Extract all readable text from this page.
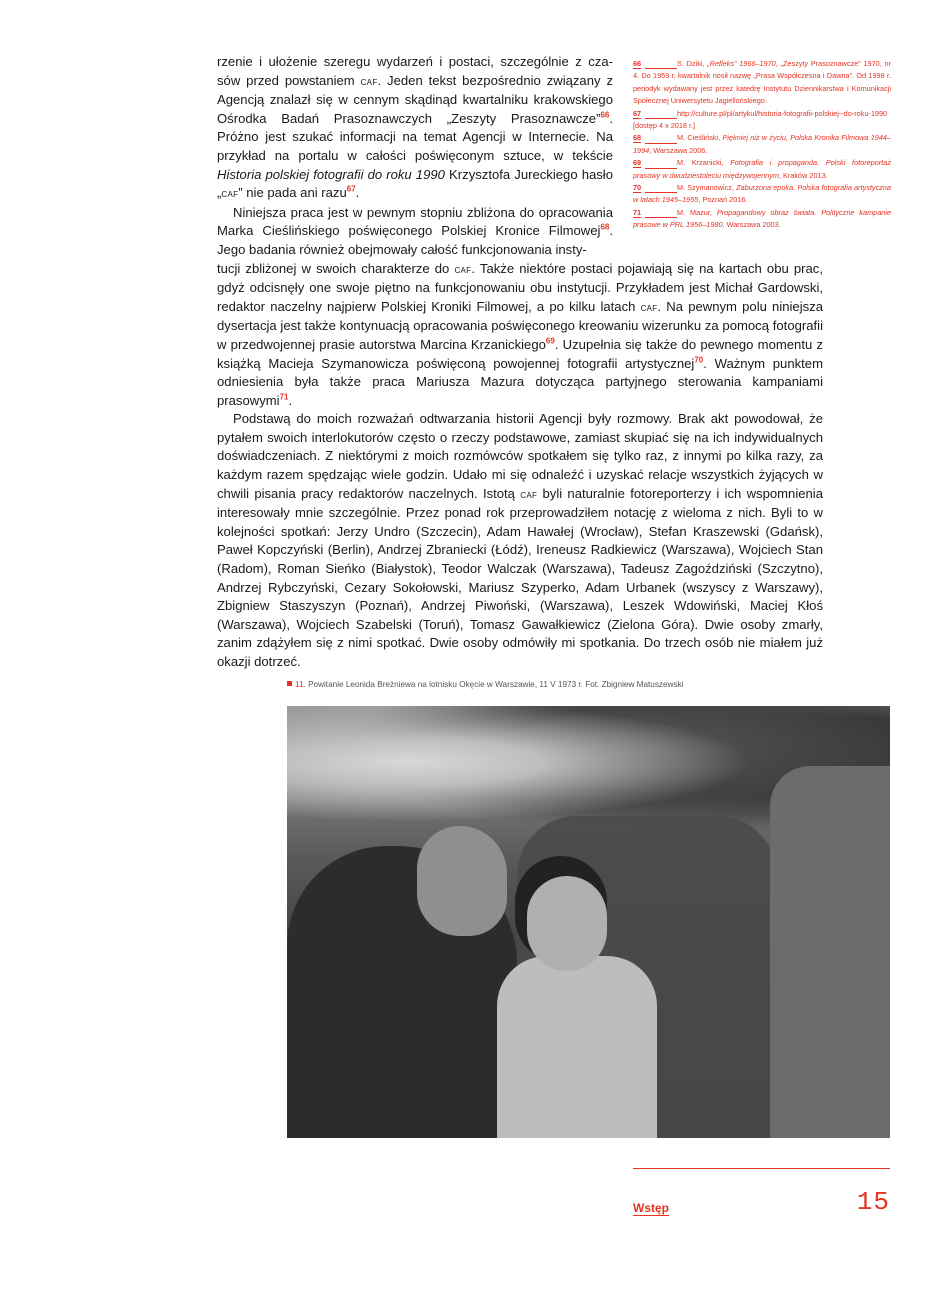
rzenie i ułożenie szeregu wydarzeń i postaci, szczególnie z cza- sów przed powstaniem caf. Jeden tekst bezpośrednio związany z Agencją znalazł się w cennym skądinąd kwartalniku krakowskiego Ośrodka Badań Prasoznawczych „Zeszyty Prasoznawcze”$^{66}$. Próżno jest szukać informacji na temat Agencji w Internecie. Na przykład na portalu w całości poświęconym sztuce, w tekście Historia polskiej fotografii do roku 1990 Krzysztofa Jureckiego hasło „caf” nie pada ani razu$^{67}$.

Niniejsza praca jest w pewnym stopniu zbliżona do opracowania Marka Cieślińskiego poświęconego Polskiej Kronice Filmowej$^{68}$. Jego badania również obejmowały całość funkcjonowania insty-

tucji zbliżonej w swoich charakterze do caf. Także niektóre postaci pojawiają się na kartach obu prac, gdyż odcisnęły one swoje piętno na funkcjonowaniu obu instytucji. Przykładem jest Michał Gardowski, redaktor naczelny najpierw Polskiej Kroniki Filmowej, a po kilku latach caf. Na pewnym polu niniejsza dysertacja jest także kontynuacją opracowania poświęconego kreowaniu wizerunku za pomocą fotografii w przedwojennej prasie autorstwa Marcina Krzanickiego$^{69}$. Uzupełnia się także do pewnego momentu z książką Macieja Szymanowicza poświęconą powojennej fotografii artystycznej$^{70}$. Ważnym punktem odniesienia była także praca Mariusza Mazura dotycząca partyjnego sterowania kampaniami prasowymi$^{71}$.

Podstawą do moich rozważań odtwarzania historii Agencji były rozmowy. Brak akt powodował, że pytałem swoich interlokutorów często o rzeczy podstawowe, zamiast skupiać się na ich indywidualnych doświadczeniach. Z niektórymi z moich rozmówców spotkałem się tylko raz, z innymi po kilka razy, za każdym razem spędzając wiele godzin. Udało mi się odnaleźć i uzyskać relacje wszystkich żyjących w chwili pisania pracy redaktorów naczelnych. Istotą caf byli naturalnie fotoreporterzy i ich wspomnienia interesowały mnie szczególnie. Przez ponad rok przeprowadziłem notację z wieloma z nich. Byli to w kolejności spotkań: Jerzy Undro (Szczecin), Adam Hawałej (Wrocław), Stefan Kraszewski (Gdańsk), Paweł Kopczyński (Berlin), Andrzej Zbraniecki (Łódź), Ireneusz Radkiewicz (Warszawa), Wojciech Stan (Radom), Roman Sieńko (Białystok), Teodor Walczak (Warszawa), Tadeusz Zagoździński (Szczytno), Andrzej Rybczyński, Cezary Sokołowski, Mariusz Szyperko, Adam Urbanek (wszyscy z Warszawy), Zbigniew Staszyszyn (Poznań), Andrzej Piwoński, (Warszawa), Leszek Wdowiński, Maciej Kłoś (Warszawa), Wojciech Szabelski (Toruń), Tomasz Gawałkiewicz (Zielona Góra). Dwie osoby zmarły, zanim zdążyłem się z nimi spotkać. Dwie osoby odmówiły mi spotkania. Do trzech osób nie miałem już okazji dotrzeć.

66	S. Dziki, „Refleks” 1966–1970, „Zeszyty Prasoznawcze” 1970, nr 4. Do 1959 r. kwartalnik nosił nazwę „Prasa Współczesna i Dawna”. Od 1998 r. periodyk wydawany jest przez katedrę Instytutu Dziennikarstwa i Komunikacji Społecznej Uniwersytetu Jagiellońskiego.

67	http://culture.pl/pl/artykul/historia-fotografii-polskiej--do-roku-1990 [dostęp 4 x 2018 r.]

68	M. Cieśliński, Piękniej niż w życiu, Polska Kronika Filmowa 1944–1994, Warszawa 2006.

69	M. Krzanicki, Fotografia i propaganda. Polski fotoreportaż prasowy w dwudziestoleciu międzywojennym, Kraków 2013.

70	M. Szymanowicz, Zaburzona epoka. Polska fotografia artystyczna w latach 1945–1955, Poznań 2016.

71	M. Mazur, Propagandowy obraz świata. Polityczne kampanie prasowe w PRL 1956–1980, Warszawa 2003.

11. Powitanie Leonida Breżniewa na lotnisku Okęcie w Warszawie, 11 V 1973 r. Fot. Zbigniew Matuszewski
Wstęp	15
